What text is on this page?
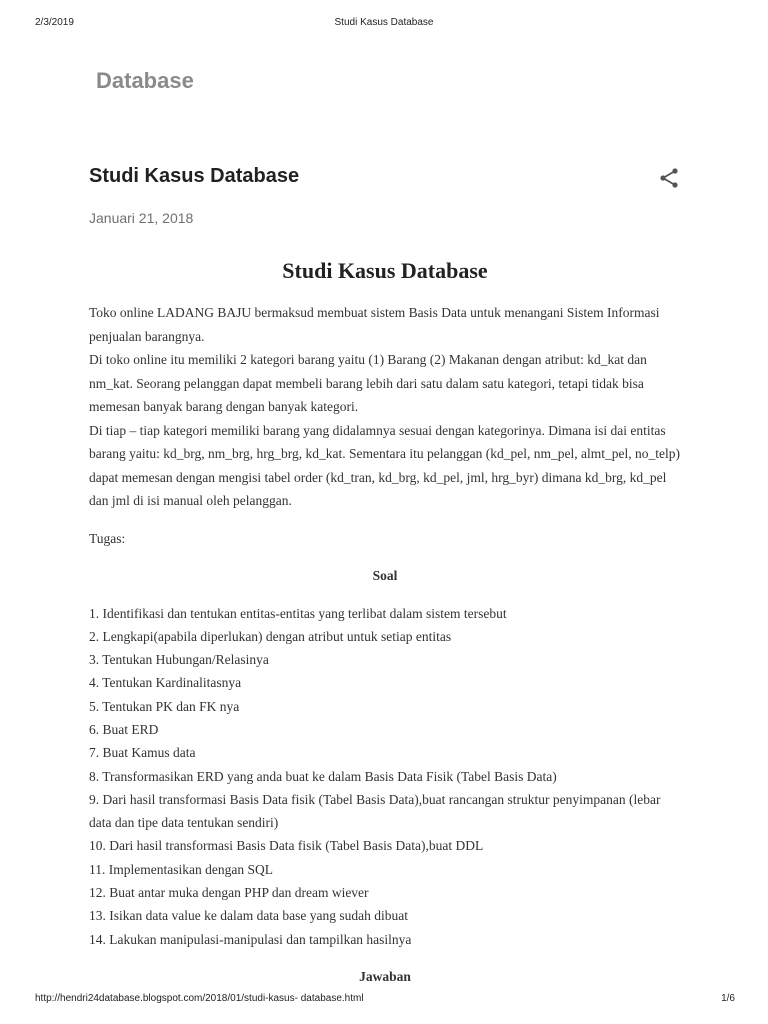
2/3/2019	Studi Kasus Database
Database
Studi Kasus Database
Januari 21, 2018
Studi Kasus Database

Toko online LADANG BAJU bermaksud membuat sistem Basis Data untuk menangani Sistem Informasi penjualan barangnya.

Di toko online itu memiliki 2 kategori barang yaitu (1) Barang (2) Makanan dengan atribut: kd_kat dan nm_kat. Seorang pelanggan dapat membeli barang lebih dari satu dalam satu kategori, tetapi tidak bisa memesan banyak barang dengan banyak kategori.

Di tiap – tiap kategori memiliki barang yang didalamnya sesuai dengan kategorinya. Dimana isi dai entitas barang yaitu: kd_brg, nm_brg, hrg_brg, kd_kat. Sementara itu pelanggan (kd_pel, nm_pel, almt_pel, no_telp) dapat memesan dengan mengisi tabel order (kd_tran, kd_brg, kd_pel, jml, hrg_byr) dimana kd_brg, kd_pel dan jml di isi manual oleh pelanggan.

Tugas:

Soal

1. Identifikasi dan tentukan entitas-entitas yang terlibat dalam sistem tersebut
2. Lengkapi(apabila diperlukan) dengan atribut untuk setiap entitas
3. Tentukan Hubungan/Relasinya
4. Tentukan Kardinalitasnya
5. Tentukan PK dan FK nya
6. Buat ERD
7. Buat Kamus data
8. Transformasikan ERD yang anda buat ke dalam Basis Data Fisik (Tabel Basis Data)
9. Dari hasil transformasi Basis Data fisik (Tabel Basis Data),buat rancangan struktur penyimpanan (lebar data dan tipe data tentukan sendiri)
10. Dari hasil transformasi Basis Data fisik (Tabel Basis Data),buat DDL
11. Implementasikan dengan SQL
12. Buat antar muka dengan PHP dan dream wiever
13. Isikan data value ke dalam data base yang sudah dibuat
14. Lakukan manipulasi-manipulasi dan tampilkan hasilnya

Jawaban

http://hendri24database.blogspot.com/2018/01/studi-kasus- database.html	1/6
